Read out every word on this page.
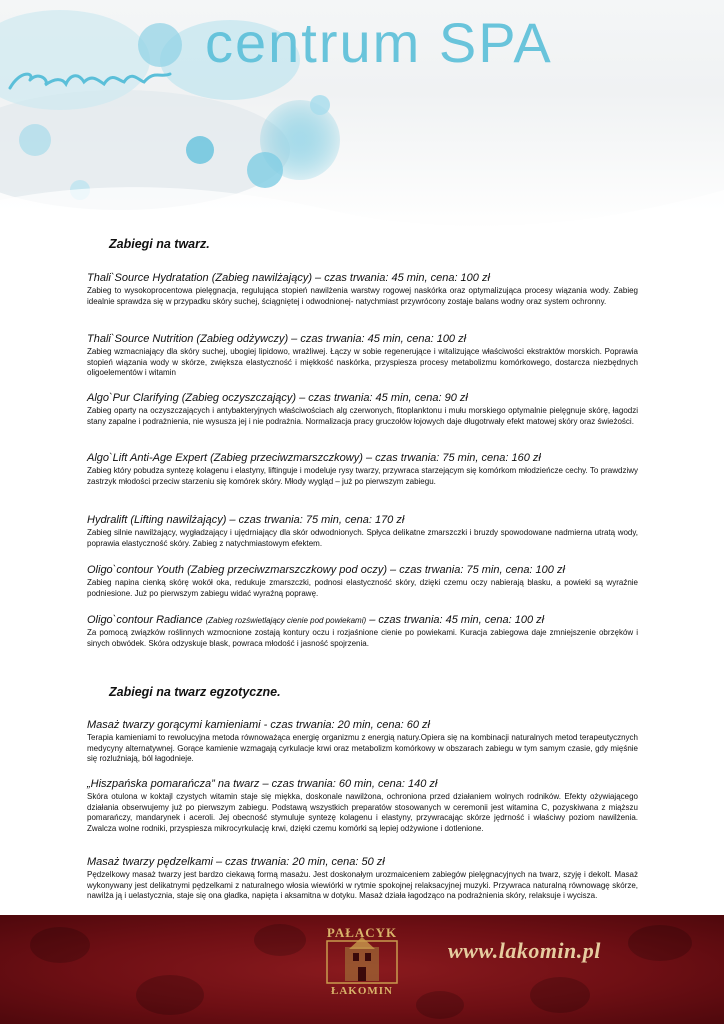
centrum SPA
Zabiegi na twarz.

Thali`Source Hydratation (Zabieg nawilżający) – czas trwania: 45 min, cena: 100 zł

Zabieg to wysokoprocentowa pielęgnacja, regulująca stopień nawilżenia warstwy rogowej naskórka oraz optymalizująca procesy wiązania wody. Zabieg idealnie sprawdza się w przypadku skóry suchej, ściągniętej i odwodnionej- natychmiast przywrócony zostaje balans wodny oraz system ochronny.

Thali`Source Nutrition (Zabieg odżywczy) – czas trwania: 45 min, cena: 100 zł

Zabieg wzmacniający dla skóry suchej, ubogiej lipidowo, wrażliwej. Łączy w sobie regenerujące i witalizujące właściwości ekstraktów morskich. Poprawia stopień wiązania wody w skórze, zwiększa elastyczność i miękkość naskórka, przyspiesza procesy metabolizmu komórkowego, dostarcza niezbędnych oligoelementów i witamin

Algo`Pur Clarifying (Zabieg oczyszczający) – czas trwania: 45 min, cena: 90 zł

Zabieg oparty na oczyszczających i antybakteryjnych właściwościach alg czerwonych, fitoplanktonu i mułu morskiego optymalnie pielęgnuje skórę, łagodzi stany zapalne i podrażnienia, nie wysusza jej i nie podrażnia. Normalizacja pracy gruczołów łojowych daje długotrwały efekt matowej skóry oraz świeżości.

Algo`Lift Anti-Age Expert (Zabieg przeciwzmarszczkowy) – czas trwania: 75 min, cena: 160 zł

Zabieg który pobudza syntezę kolagenu i elastyny, liftinguje i modeluje rysy twarzy, przywraca starzejącym się komórkom młodzieńcze cechy. To prawdziwy zastrzyk młodości przeciw starzeniu się komórek skóry. Młody wygląd – już po pierwszym zabiegu.

Hydralift (Lifting nawilżający) – czas trwania: 75 min, cena: 170 zł

Zabieg silnie nawilżający, wygładzający i ujędrniający dla skór odwodnionych. Spłyca delikatne zmarszczki i bruzdy spowodowane nadmierna utratą wody, poprawia elastyczność skóry. Zabieg z natychmiastowym efektem.

Oligo`contour Youth (Zabieg przeciwzmarszczkowy pod oczy) – czas trwania: 75 min, cena: 100 zł

Zabieg napina cienką skórę wokół oka, redukuje zmarszczki, podnosi elastyczność skóry, dzięki czemu oczy nabierają blasku, a powieki są wyraźnie podniesione. Już po pierwszym zabiegu widać wyraźną poprawę.

Oligo`contour Radiance (Zabieg rozświetlający cienie pod powiekami) – czas trwania: 45 min, cena: 100 zł

Za pomocą związków roślinnych wzmocnione zostają kontury oczu i rozjaśnione cienie po powiekami. Kuracja zabiegowa daje zmniejszenie obrzęków i sinych obwódek. Skóra odzyskuje blask, powraca młodość i jasność spojrzenia.

Zabiegi na twarz egzotyczne.

Masaż twarzy gorącymi kamieniami - czas trwania: 20 min, cena: 60 zł

Terapia kamieniami to rewolucyjna metoda równoważąca energię organizmu z energią natury.Opiera się na kombinacji naturalnych metod terapeutycznych medycyny alternatywnej. Gorące kamienie wzmagają cyrkulacje krwi oraz metabolizm komórkowy w obszarach zabiegu w tym samym czasie, gdy mięśnie się rozluźniają, ból łagodnieje.

„Hiszpańska pomarańcza” na twarz – czas trwania: 60 min, cena: 140 zł

Skóra otulona w koktajl czystych witamin staje się miękka, doskonale nawilżona, ochroniona przed działaniem wolnych rodników. Efekty ożywiającego działania obserwujemy już po pierwszym zabiegu. Podstawą wszystkich preparatów stosowanych w ceremonii jest witamina C, pozyskiwana z miąższu pomarańczy, mandarynek i aceroli. Jej obecność stymuluje syntezę kolagenu i elastyny, przywracając skórze jędrność i właściwy poziom nawilżenia. Zwalcza wolne rodniki, przyspiesza mikrocyrkulację krwi, dzięki czemu komórki są lepiej odżywione i dotlenione.

Masaż twarzy pędzelkami – czas trwania: 20 min, cena: 50 zł

Pędzelkowy masaż twarzy jest bardzo ciekawą formą masażu. Jest doskonałym urozmaiceniem zabiegów pielęgnacyjnych na twarz, szyję i dekolt. Masaż wykonywany jest delikatnymi pędzelkami z naturalnego włosia wiewiórki w rytmie spokojnej relaksacyjnej muzyki. Przywraca naturalną równowagę skórze, nawilża ją i uelastycznia, staje się ona gładka, napięta i aksamitna w dotyku. Masaż działa łagodząco na podrażnienia skóry, relaksuje i wycisza.

PAŁACYK
ŁAKOMIN
www.lakomin.pl
